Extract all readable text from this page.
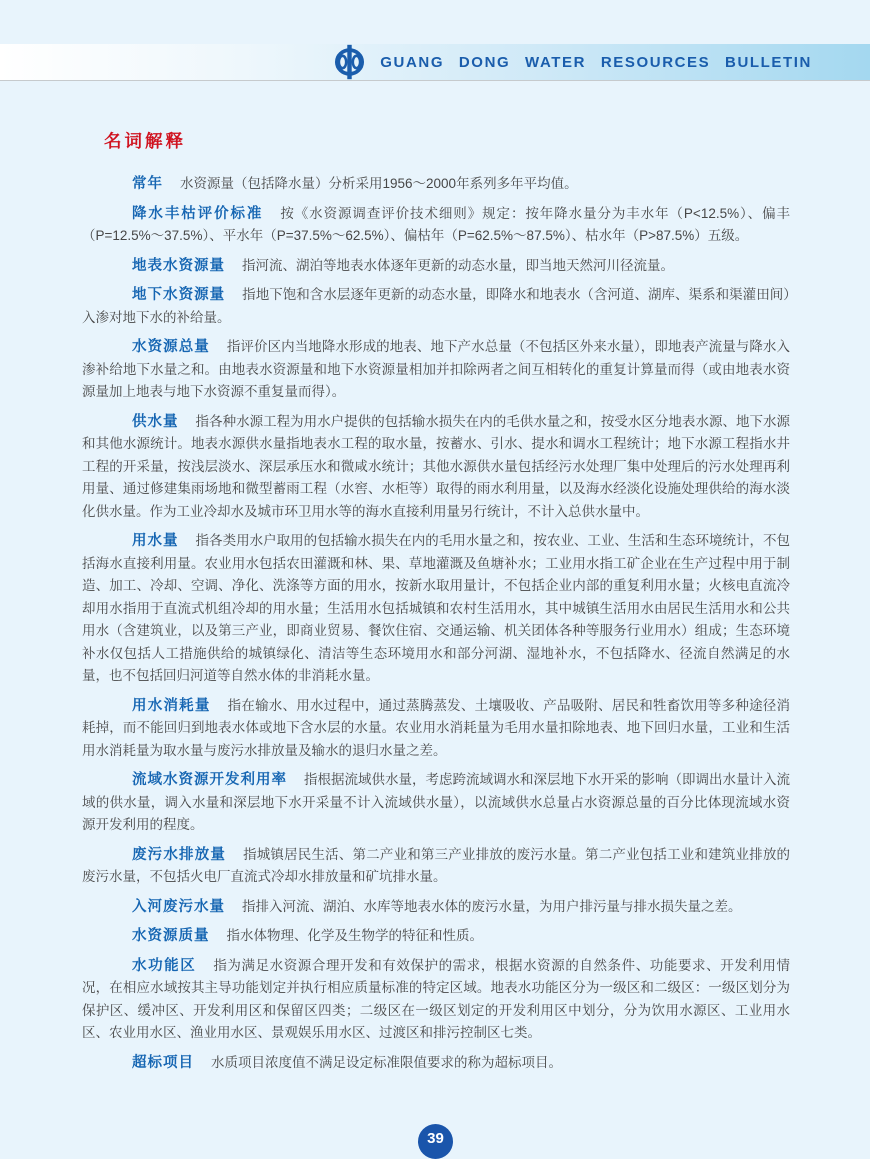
GUANG DONG WATER RESOURCES BULLETIN
名词解释

常年 水资源量（包括降水量）分析采用1956～2000年系列多年平均值。

降水丰枯评价标准 按《水资源调查评价技术细则》规定：按年降水量分为丰水年（P<12.5%）、偏丰（P=12.5%～37.5%）、平水年（P=37.5%～62.5%）、偏枯年（P=62.5%～87.5%）、枯水年（P>87.5%）五级。

地表水资源量 指河流、湖泊等地表水体逐年更新的动态水量，即当地天然河川径流量。

地下水资源量 指地下饱和含水层逐年更新的动态水量，即降水和地表水（含河道、湖库、渠系和渠灌田间）入渗对地下水的补给量。

水资源总量 指评价区内当地降水形成的地表、地下产水总量（不包括区外来水量），即地表产流量与降水入渗补给地下水量之和。由地表水资源量和地下水资源量相加并扣除两者之间互相转化的重复计算量而得（或由地表水资源量加上地表与地下水资源不重复量而得）。

供水量 指各种水源工程为用水户提供的包括输水损失在内的毛供水量之和，按受水区分地表水源、地下水源和其他水源统计。地表水源供水量指地表水工程的取水量，按蓄水、引水、提水和调水工程统计；地下水源工程指水井工程的开采量，按浅层淡水、深层承压水和微咸水统计；其他水源供水量包括经污水处理厂集中处理后的污水处理再利用量、通过修建集雨场地和微型蓄雨工程（水窖、水柜等）取得的雨水利用量，以及海水经淡化设施处理供给的海水淡化供水量。作为工业冷却水及城市环卫用水等的海水直接利用量另行统计，不计入总供水量中。

用水量 指各类用水户取用的包括输水损失在内的毛用水量之和，按农业、工业、生活和生态环境统计，不包括海水直接利用量。农业用水包括农田灌溉和林、果、草地灌溉及鱼塘补水；工业用水指工矿企业在生产过程中用于制造、加工、冷却、空调、净化、洗涤等方面的用水，按新水取用量计，不包括企业内部的重复利用水量；火核电直流冷却用水指用于直流式机组冷却的用水量；生活用水包括城镇和农村生活用水，其中城镇生活用水由居民生活用水和公共用水（含建筑业，以及第三产业，即商业贸易、餐饮住宿、交通运输、机关团体各种等服务行业用水）组成；生态环境补水仅包括人工措施供给的城镇绿化、清洁等生态环境用水和部分河湖、湿地补水，不包括降水、径流自然满足的水量，也不包括回归河道等自然水体的非消耗水量。

用水消耗量 指在输水、用水过程中，通过蒸腾蒸发、土壤吸收、产品吸附、居民和牲畜饮用等多种途径消耗掉，而不能回归到地表水体或地下含水层的水量。农业用水消耗量为毛用水量扣除地表、地下回归水量，工业和生活用水消耗量为取水量与废污水排放量及输水的退归水量之差。

流域水资源开发利用率 指根据流域供水量，考虑跨流域调水和深层地下水开采的影响（即调出水量计入流域的供水量，调入水量和深层地下水开采量不计入流域供水量），以流域供水总量占水资源总量的百分比体现流域水资源开发利用的程度。

废污水排放量 指城镇居民生活、第二产业和第三产业排放的废污水量。第二产业包括工业和建筑业排放的废污水量，不包括火电厂直流式冷却水排放量和矿坑排水量。

入河废污水量 指排入河流、湖泊、水库等地表水体的废污水量，为用户排污量与排水损失量之差。

水资源质量 指水体物理、化学及生物学的特征和性质。

水功能区 指为满足水资源合理开发和有效保护的需求，根据水资源的自然条件、功能要求、开发利用情况，在相应水域按其主导功能划定并执行相应质量标准的特定区域。地表水功能区分为一级区和二级区：一级区划分为保护区、缓冲区、开发利用区和保留区四类；二级区在一级区划定的开发利用区中划分，分为饮用水源区、工业用水区、农业用水区、渔业用水区、景观娱乐用水区、过渡区和排污控制区七类。

超标项目 水质项目浓度值不满足设定标准限值要求的称为超标项目。

39
